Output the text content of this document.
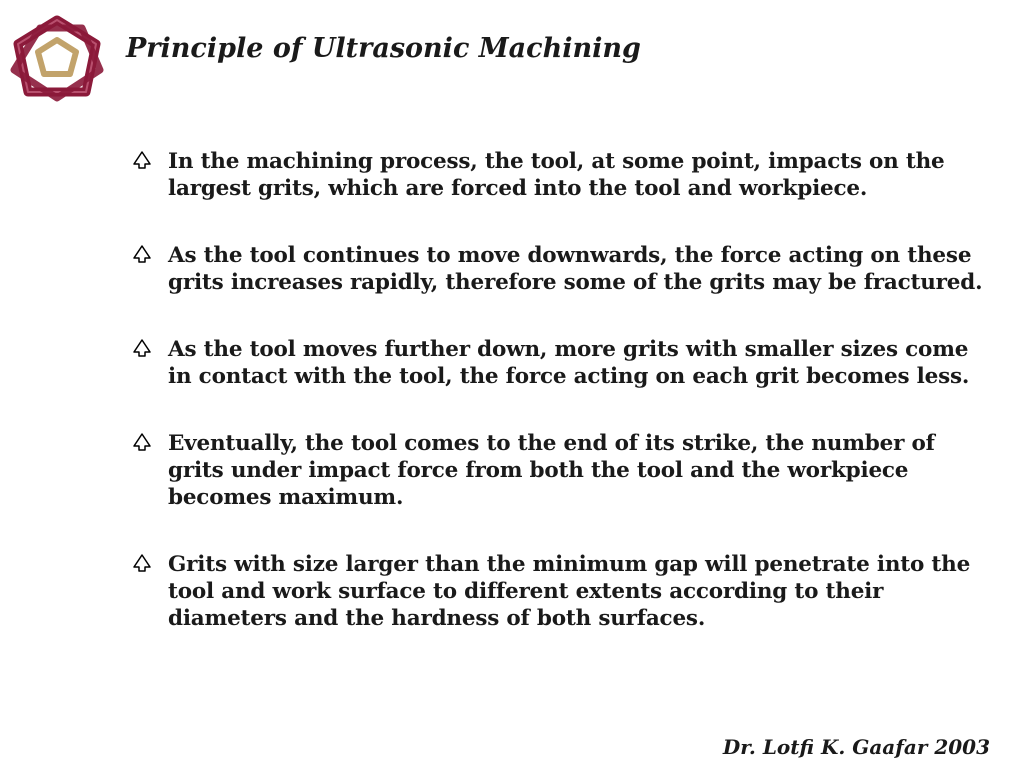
Principle of Ultrasonic Machining
In the machining process, the tool, at some point, impacts on the largest grits, which are forced into the tool and workpiece.
As the tool continues to move downwards, the force acting on these grits increases rapidly, therefore some of the grits may be fractured.
As the tool moves further down, more grits with smaller sizes come in contact with the tool, the force acting on each grit becomes less.
Eventually, the tool comes to the end of its strike, the number of grits under impact force from both the tool and the workpiece becomes maximum.
Grits with size larger than the minimum gap will penetrate into the tool and work surface to different extents according to their diameters and the hardness of both surfaces.
Dr. Lotfi K. Gaafar 2003
